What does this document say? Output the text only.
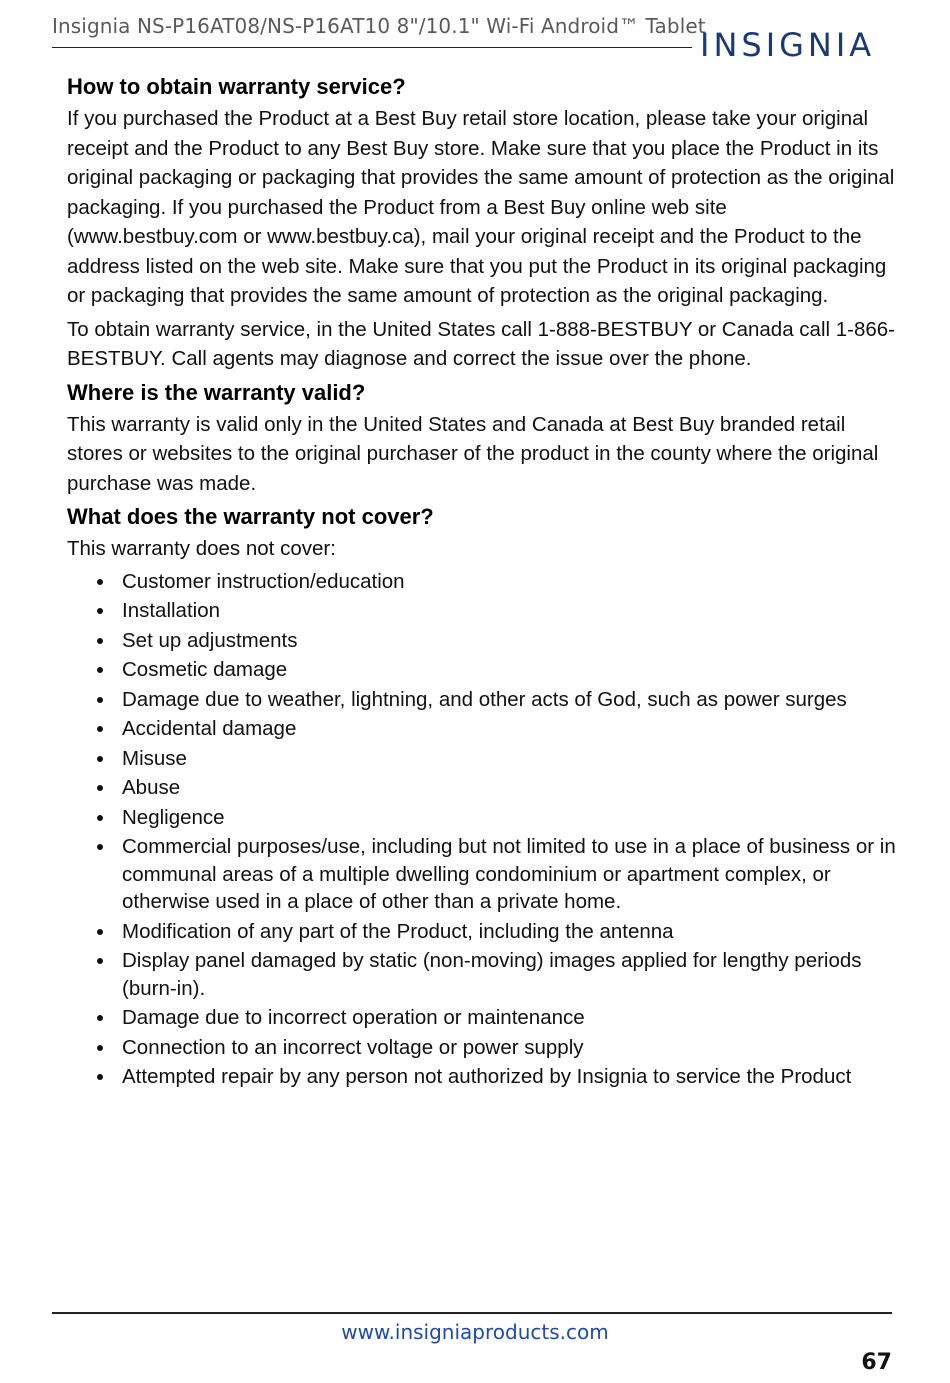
Insignia NS-P16AT08/NS-P16AT10 8"/10.1" Wi-Fi Android™ Tablet
INSIGNIA
How to obtain warranty service?

If you purchased the Product at a Best Buy retail store location, please take your original receipt and the Product to any Best Buy store. Make sure that you place the Product in its original packaging or packaging that provides the same amount of protection as the original packaging. If you purchased the Product from a Best Buy online web site (www.bestbuy.com or www.bestbuy.ca), mail your original receipt and the Product to the address listed on the web site. Make sure that you put the Product in its original packaging or packaging that provides the same amount of protection as the original packaging.

To obtain warranty service, in the United States call 1-888-BESTBUY or Canada call 1-866-BESTBUY. Call agents may diagnose and correct the issue over the phone.

Where is the warranty valid?

This warranty is valid only in the United States and Canada at Best Buy branded retail stores or websites to the original purchaser of the product in the county where the original purchase was made.

What does the warranty not cover?

This warranty does not cover:

Customer instruction/education
Installation
Set up adjustments
Cosmetic damage
Damage due to weather, lightning, and other acts of God, such as power surges
Accidental damage
Misuse
Abuse
Negligence
Commercial purposes/use, including but not limited to use in a place of business or in communal areas of a multiple dwelling condominium or apartment complex, or otherwise used in a place of other than a private home.
Modification of any part of the Product, including the antenna
Display panel damaged by static (non-moving) images applied for lengthy periods (burn-in).
Damage due to incorrect operation or maintenance
Connection to an incorrect voltage or power supply
Attempted repair by any person not authorized by Insignia to service the Product
www.insigniaproducts.com
67
